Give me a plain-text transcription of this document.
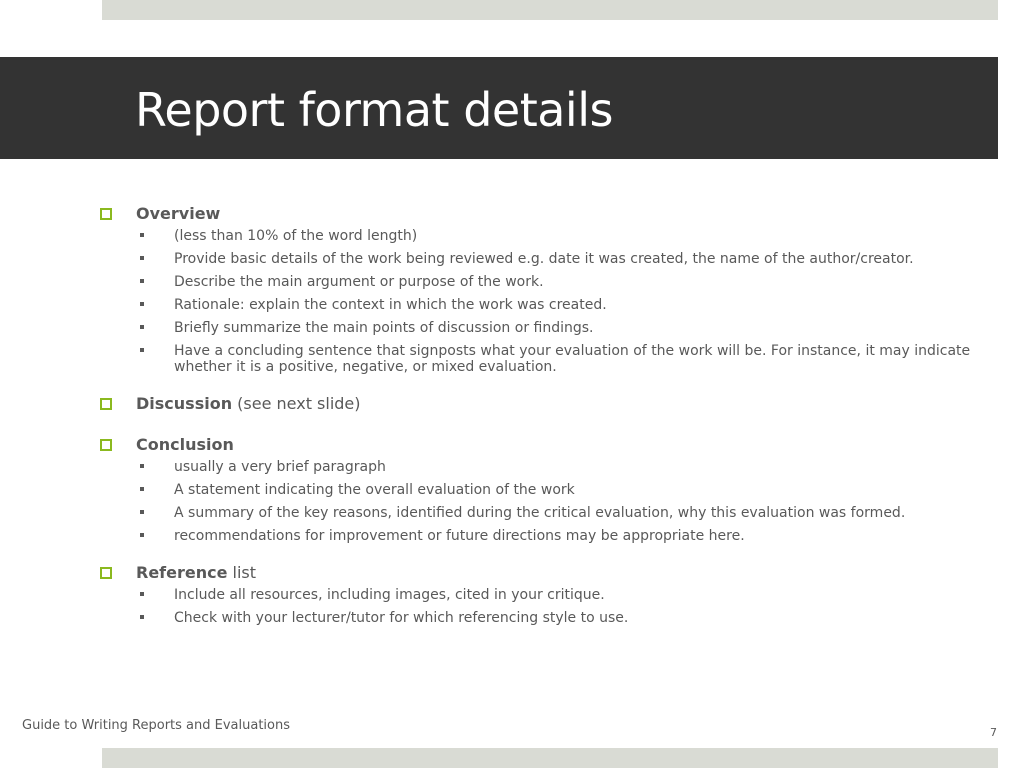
Report format details
Overview
(less than 10% of the word length)
Provide basic details of the work being reviewed e.g. date it was created, the name of the author/creator.
Describe the main argument or purpose of the work.
Rationale: explain the context in which the work was created.
Briefly summarize the main points of discussion or findings.
Have a concluding sentence that signposts what your evaluation of the work will be. For instance, it may indicate whether it is a positive, negative, or mixed evaluation.
Discussion (see next slide)
Conclusion
usually a very brief paragraph
A statement indicating the overall evaluation of the work
A summary of the key reasons, identified during the critical evaluation, why this evaluation was formed.
recommendations for improvement or future directions may be appropriate here.
Reference list
Include all resources, including images, cited in your critique.
Check with your lecturer/tutor for which referencing style to use.
Guide to Writing Reports and Evaluations	7
